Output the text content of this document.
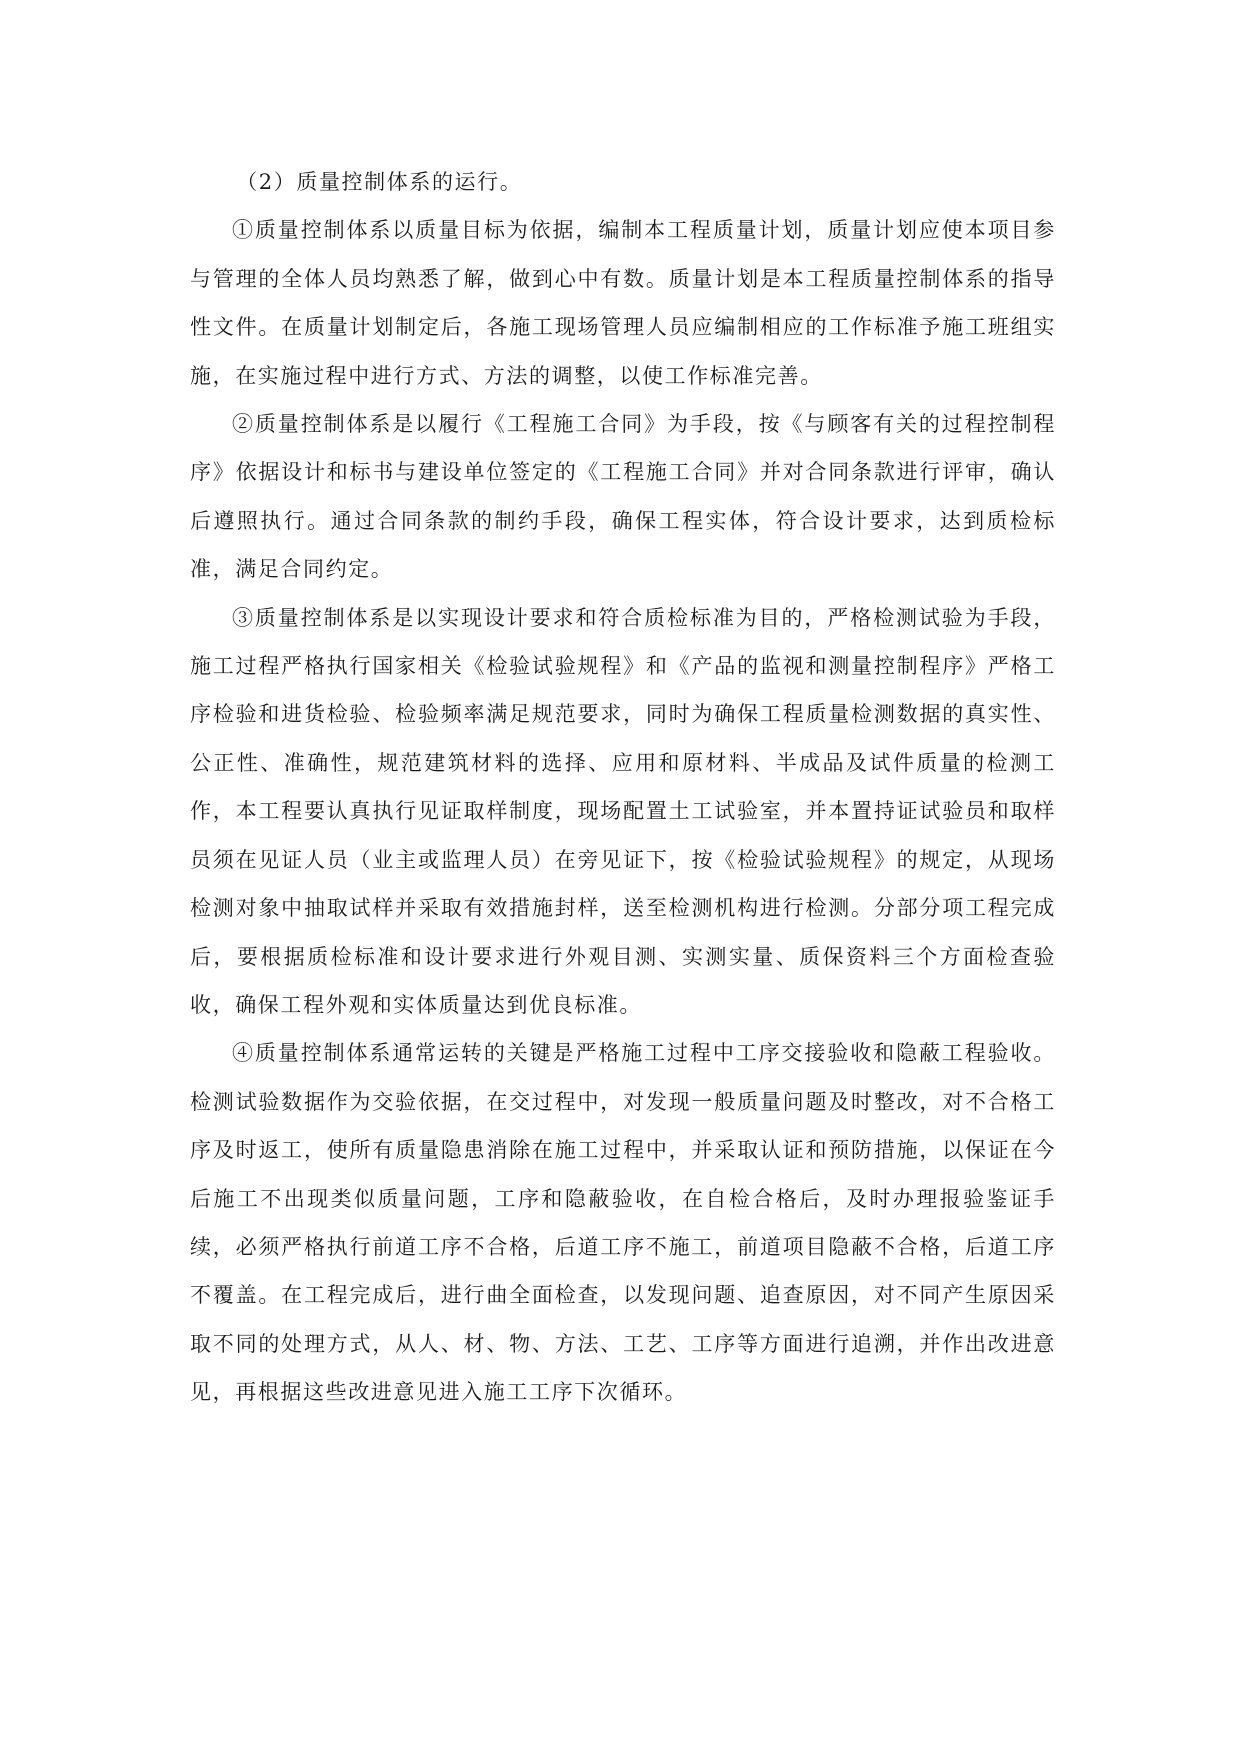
（2）质量控制体系的运行。

①质量控制体系以质量目标为依据，编制本工程质量计划，质量计划应使本项目参与管理的全体人员均熟悉了解，做到心中有数。质量计划是本工程质量控制体系的指导性文件。在质量计划制定后，各施工现场管理人员应编制相应的工作标准予施工班组实施，在实施过程中进行方式、方法的调整，以使工作标准完善。

②质量控制体系是以履行《工程施工合同》为手段，按《与顾客有关的过程控制程序》依据设计和标书与建设单位签定的《工程施工合同》并对合同条款进行评审，确认后遵照执行。通过合同条款的制约手段，确保工程实体，符合设计要求，达到质检标准，满足合同约定。

③质量控制体系是以实现设计要求和符合质检标准为目的，严格检测试验为手段，施工过程严格执行国家相关《检验试验规程》和《产品的监视和测量控制程序》严格工序检验和进货检验、检验频率满足规范要求，同时为确保工程质量检测数据的真实性、公正性、准确性，规范建筑材料的选择、应用和原材料、半成品及试件质量的检测工作，本工程要认真执行见证取样制度，现场配置土工试验室，并本置持证试验员和取样员须在见证人员（业主或监理人员）在旁见证下，按《检验试验规程》的规定，从现场检测对象中抽取试样并采取有效措施封样，送至检测机构进行检测。分部分项工程完成后，要根据质检标准和设计要求进行外观目测、实测实量、质保资料三个方面检查验收，确保工程外观和实体质量达到优良标准。

④质量控制体系通常运转的关键是严格施工过程中工序交接验收和隐蔽工程验收。检测试验数据作为交验依据，在交过程中，对发现一般质量问题及时整改，对不合格工序及时返工，使所有质量隐患消除在施工过程中，并采取认证和预防措施，以保证在今后施工不出现类似质量问题，工序和隐蔽验收，在自检合格后，及时办理报验鉴证手续，必须严格执行前道工序不合格，后道工序不施工，前道项目隐蔽不合格，后道工序不覆盖。在工程完成后，进行曲全面检查，以发现问题、追查原因，对不同产生原因采取不同的处理方式，从人、材、物、方法、工艺、工序等方面进行追溯，并作出改进意见，再根据这些改进意见进入施工工序下次循环。
